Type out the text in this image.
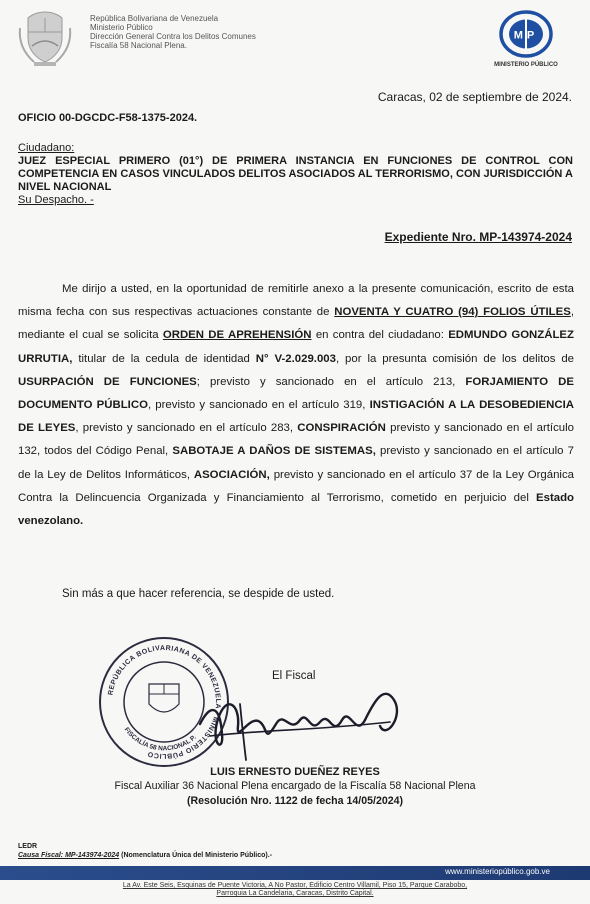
República Bolivariana de Venezuela
Ministerio Público
Dirección General Contra los Delitos Comunes
Fiscalía 58 Nacional Plena.
MP
MINISTERIO PÚBLICO
Caracas, 02 de septiembre de 2024.
OFICIO 00-DGCDC-F58-1375-2024.
Ciudadano:
JUEZ ESPECIAL PRIMERO (01°) DE PRIMERA INSTANCIA EN FUNCIONES DE CONTROL CON COMPETENCIA EN CASOS VINCULADOS DELITOS ASOCIADOS AL TERRORISMO, CON JURISDICCIÓN A NIVEL NACIONAL
Su Despacho. -
Expediente Nro. MP-143974-2024
Me dirijo a usted, en la oportunidad de remitirle anexo a la presente comunicación, escrito de esta misma fecha con sus respectivas actuaciones constante de NOVENTA Y CUATRO (94) FOLIOS ÚTILES, mediante el cual se solicita ORDEN DE APREHENSIÓN en contra del ciudadano: EDMUNDO GONZÁLEZ URRUTIA, titular de la cedula de identidad N° V-2.029.003, por la presunta comisión de los delitos de USURPACIÓN DE FUNCIONES; previsto y sancionado en el artículo 213, FORJAMIENTO DE DOCUMENTO PÚBLICO, previsto y sancionado en el artículo 319, INSTIGACIÓN A LA DESOBEDIENCIA DE LEYES, previsto y sancionado en el artículo 283, CONSPIRACIÓN previsto y sancionado en el artículo 132, todos del Código Penal, SABOTAJE A DAÑOS DE SISTEMAS, previsto y sancionado en el artículo 7 de la Ley de Delitos Informáticos, ASOCIACIÓN, previsto y sancionado en el artículo 37 de la Ley Orgánica Contra la Delincuencia Organizada y Financiamiento al Terrorismo, cometido en perjuicio del Estado venezolano.
Sin más a que hacer referencia, se despide de usted.
REPÚBLICA BOLIVARIANA DE VENEZUELA · MINISTERIO PÚBLICO
FISCALÍA 58 NACIONAL P.
El Fiscal
LUIS ERNESTO DUEÑEZ REYES
Fiscal Auxiliar 36 Nacional Plena encargado de la Fiscalía 58 Nacional Plena
(Resolución Nro. 1122 de fecha 14/05/2024)
LEDR
Causa Fiscal: MP-143974-2024 (Nomenclatura Única del Ministerio Público).-
www.ministeriopúblico.gob.ve
La Av. Este Seis, Esquinas de Puente Victoria, A No Pastor, Edificio Centro Villamil, Piso 15, Parque Carabobo,
Parroquia La Candelaria, Caracas, Distrito Capital.
